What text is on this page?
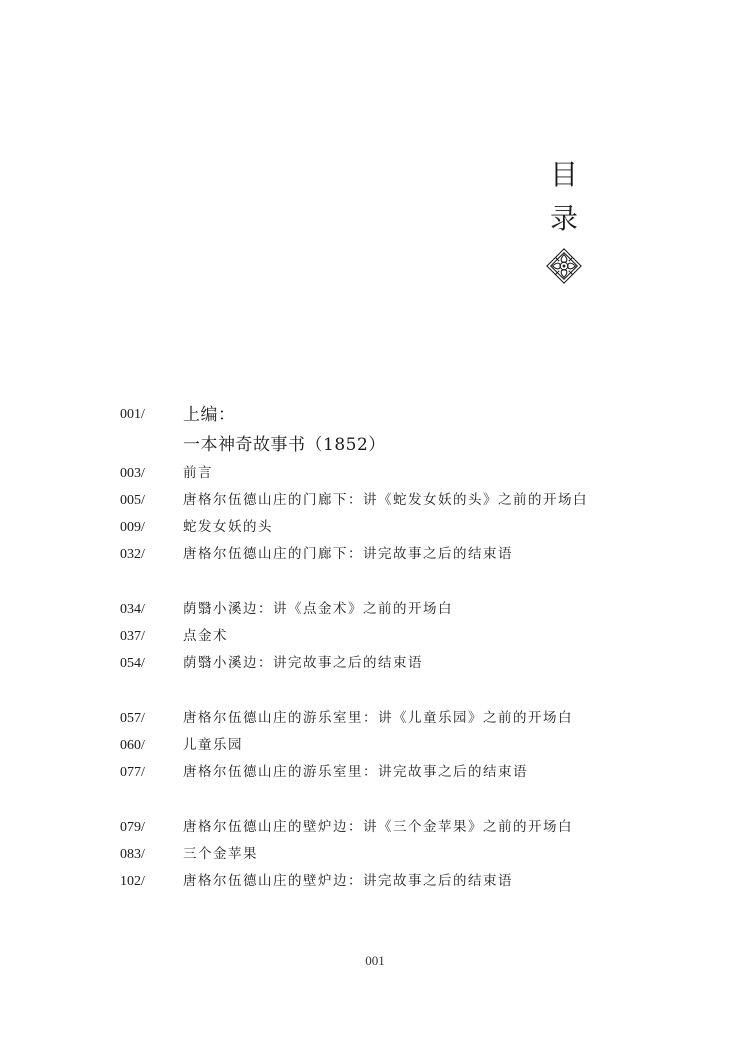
目
录
001/	上编：
一本神奇故事书（1852）
003/	前言
005/	唐格尔伍德山庄的门廊下：讲《蛇发女妖的头》之前的开场白
009/	蛇发女妖的头
032/	唐格尔伍德山庄的门廊下：讲完故事之后的结束语
034/	荫翳小溪边：讲《点金术》之前的开场白
037/	点金术
054/	荫翳小溪边：讲完故事之后的结束语
057/	唐格尔伍德山庄的游乐室里：讲《儿童乐园》之前的开场白
060/	儿童乐园
077/	唐格尔伍德山庄的游乐室里：讲完故事之后的结束语
079/	唐格尔伍德山庄的壁炉边：讲《三个金苹果》之前的开场白
083/	三个金苹果
102/	唐格尔伍德山庄的壁炉边：讲完故事之后的结束语
001
